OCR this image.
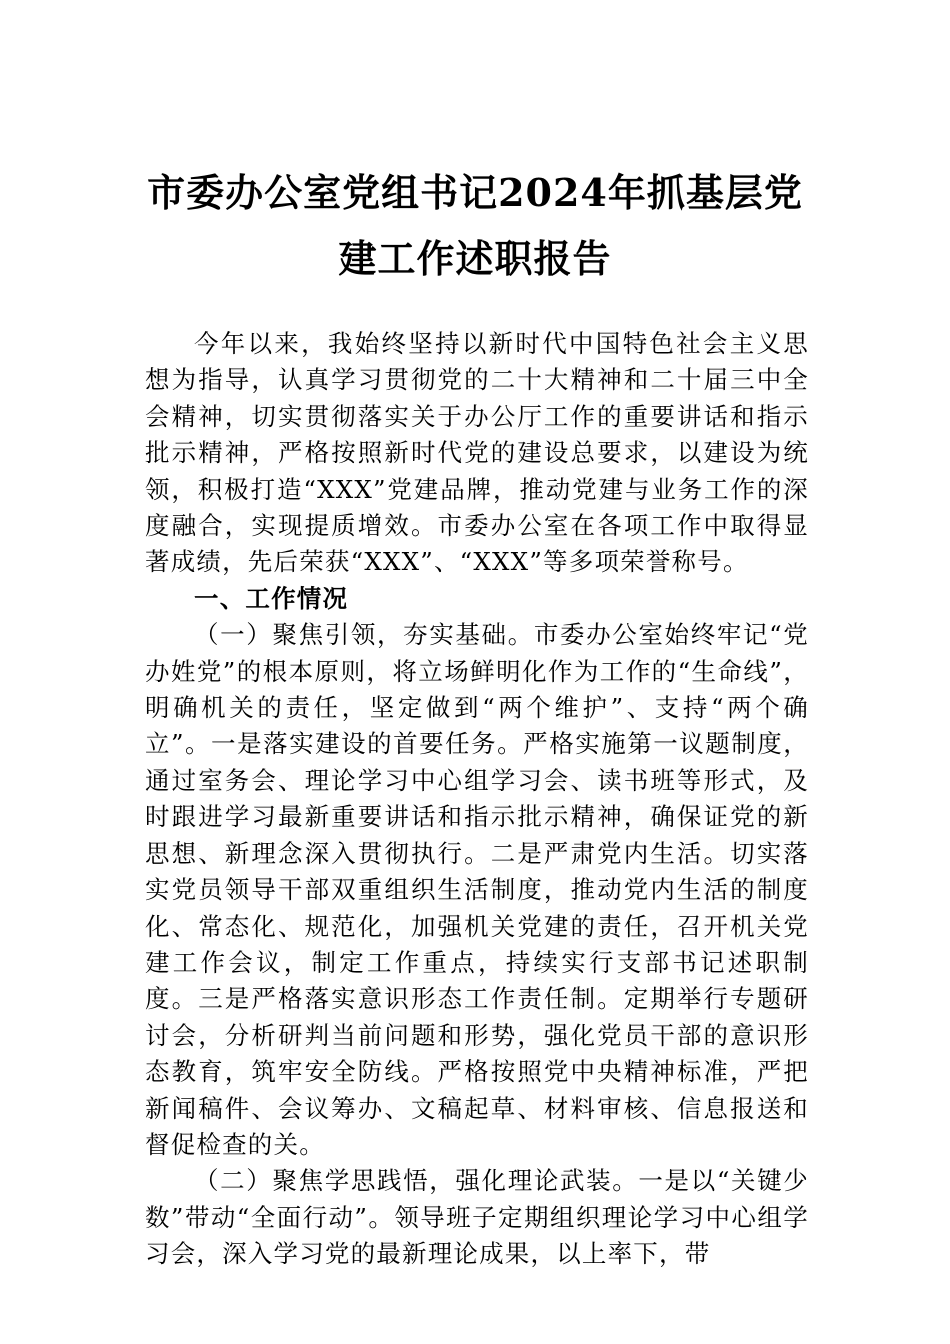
市委办公室党组书记2024年抓基层党建工作述职报告

今年以来，我始终坚持以新时代中国特色社会主义思想为指导，认真学习贯彻党的二十大精神和二十届三中全会精神，切实贯彻落实关于办公厅工作的重要讲话和指示批示精神，严格按照新时代党的建设总要求，以建设为统领，积极打造“XXX”党建品牌，推动党建与业务工作的深度融合，实现提质增效。市委办公室在各项工作中取得显著成绩，先后荣获“XXX”、“XXX”等多项荣誉称号。

一、工作情况

（一）聚焦引领，夯实基础。市委办公室始终牢记“党办姓党”的根本原则，将立场鲜明化作为工作的“生命线”，明确机关的责任，坚定做到“两个维护”、支持“两个确立”。一是落实建设的首要任务。严格实施第一议题制度，通过室务会、理论学习中心组学习会、读书班等形式，及时跟进学习最新重要讲话和指示批示精神，确保证党的新思想、新理念深入贯彻执行。二是严肃党内生活。切实落实党员领导干部双重组织生活制度，推动党内生活的制度化、常态化、规范化，加强机关党建的责任，召开机关党建工作会议，制定工作重点，持续实行支部书记述职制度。三是严格落实意识形态工作责任制。定期举行专题研讨会，分析研判当前问题和形势，强化党员干部的意识形态教育，筑牢安全防线。严格按照党中央精神标准，严把新闻稿件、会议筹办、文稿起草、材料审核、信息报送和督促检查的关。

（二）聚焦学思践悟，强化理论武装。一是以“关键少数”带动“全面行动”。领导班子定期组织理论学习中心组学习会，深入学习党的最新理论成果，以上率下，带
